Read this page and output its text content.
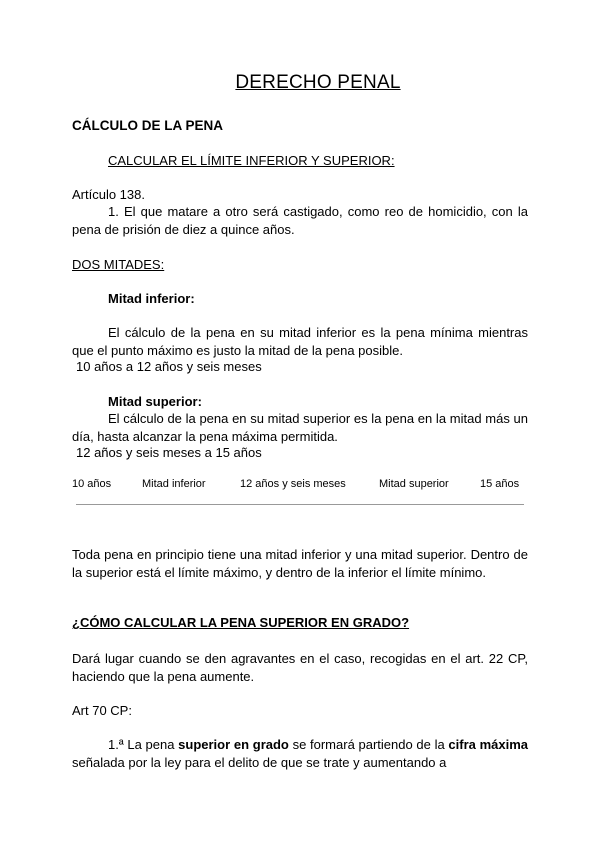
DERECHO PENAL
CÁLCULO DE LA PENA
CALCULAR EL LÍMITE INFERIOR Y SUPERIOR:
Artículo 138.
1. El que matare a otro será castigado, como reo de homicidio, con la pena de prisión de diez a quince años.
DOS MITADES:
Mitad inferior:
El cálculo de la pena en su mitad inferior es la pena mínima mientras que el punto máximo es justo la mitad de la pena posible.
10 años a 12 años y seis meses
Mitad superior:
El cálculo de la pena en su mitad superior es la pena en la mitad más un día, hasta alcanzar la pena máxima permitida.
12 años y seis meses a 15 años
10 años	Mitad inferior	12 años y seis meses	Mitad superior	15 años
Toda pena en principio tiene una mitad inferior y una mitad superior. Dentro de la superior está el límite máximo, y dentro de la inferior el límite mínimo.
¿CÓMO CALCULAR LA PENA SUPERIOR EN GRADO?
Dará lugar cuando se den agravantes en el caso, recogidas en el art. 22 CP, haciendo que la pena aumente.
Art 70 CP:
1.ª La pena superior en grado se formará partiendo de la cifra máxima señalada por la ley para el delito de que se trate y aumentando a
